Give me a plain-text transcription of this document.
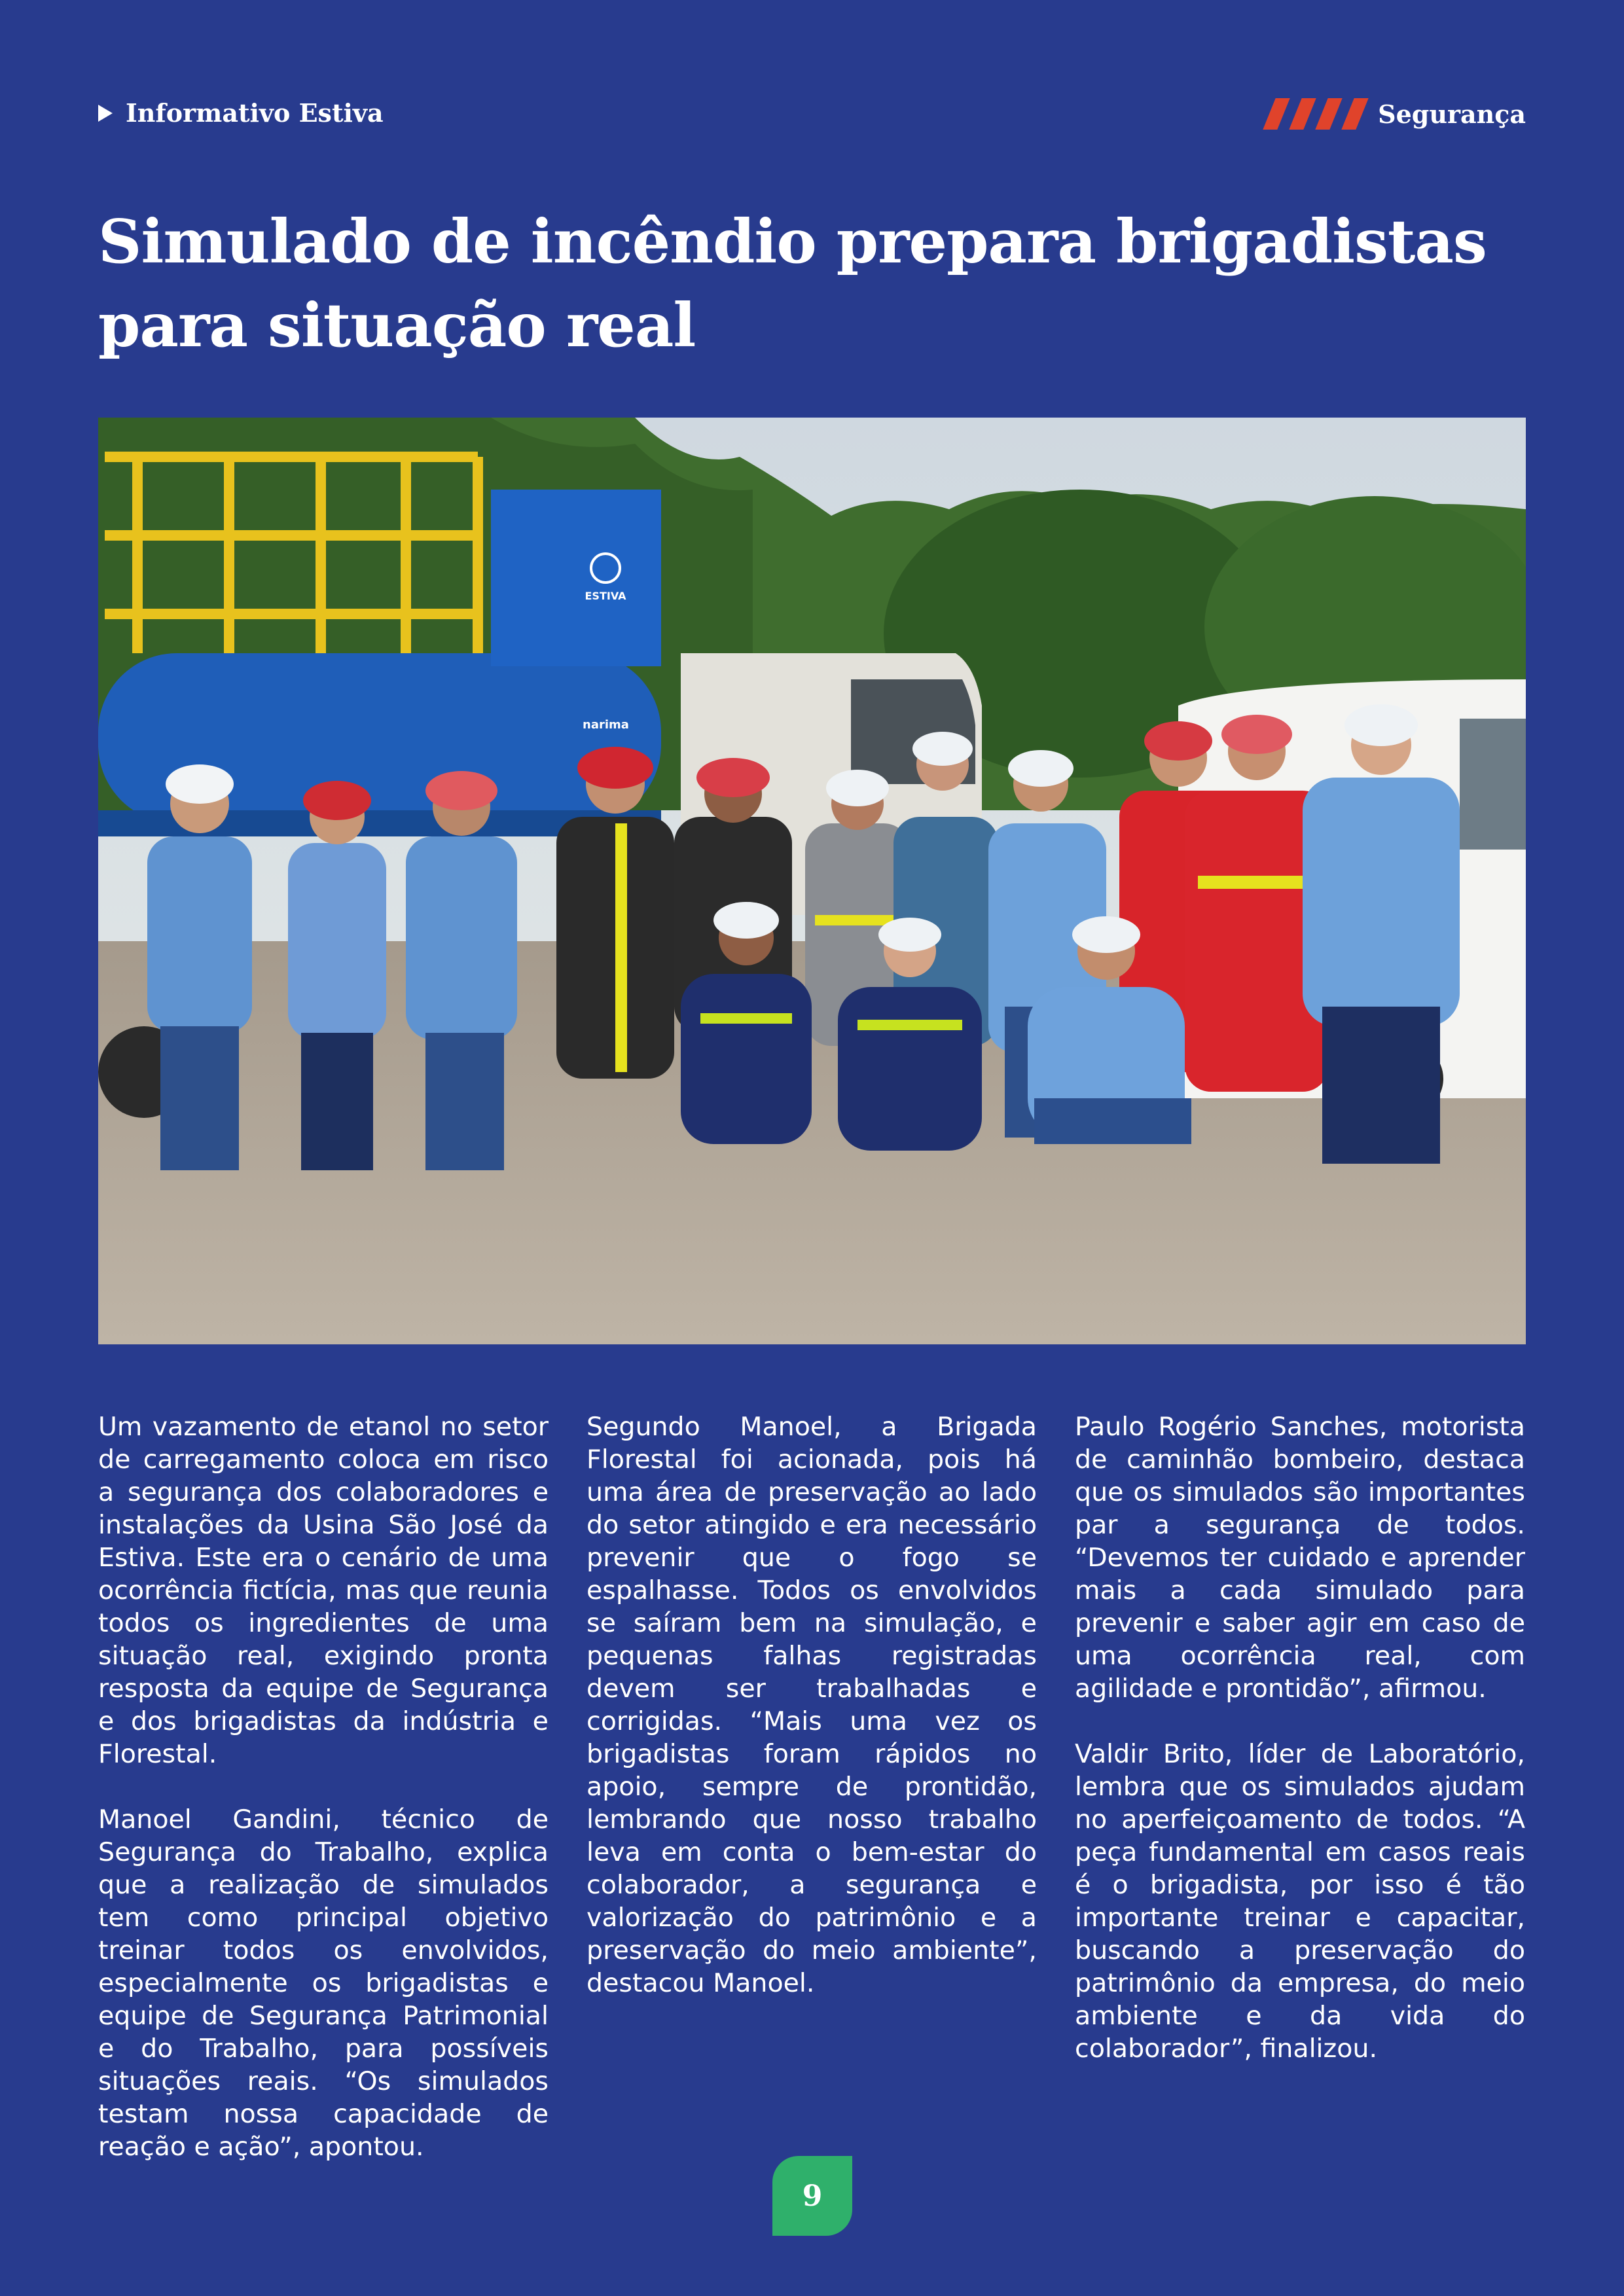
Informativo Estiva	Segurança
Simulado de incêndio prepara brigadistas para situação real
ESTIVA
narima

Um vazamento de etanol no setor de carregamento coloca em risco a segurança dos colaboradores e instalações da Usina São José da Estiva. Este era o cenário de uma ocorrência fictícia, mas que reunia todos os ingredientes de uma situação real, exigindo pronta resposta da equipe de Segurança e dos brigadistas da indústria e Florestal.

Manoel Gandini, técnico de Segurança do Trabalho, explica que a realização de simulados tem como principal objetivo treinar todos os envolvidos, especialmente os brigadistas e equipe de Segurança Patrimonial e do Trabalho, para possíveis situações reais. “Os simulados testam nossa capacidade de reação e ação”, apontou.

Segundo Manoel, a Brigada Florestal foi acionada, pois há uma área de preservação ao lado do setor atingido e era necessário prevenir que o fogo se espalhasse. Todos os envolvidos se saíram bem na simulação, e pequenas falhas registradas devem ser trabalhadas e corrigidas. “Mais uma vez os brigadistas foram rápidos no apoio, sempre de prontidão, lembrando que nosso trabalho leva em conta o bem-estar do colaborador, a segurança e valorização do patrimônio e a preservação do meio ambiente”, destacou Manoel.

Paulo Rogério Sanches, motorista de caminhão bombeiro, destaca que os simulados são importantes par a segurança de todos. “Devemos ter cuidado e aprender mais a cada simulado para prevenir e saber agir em caso de uma ocorrência real, com agilidade e prontidão”, afirmou.

Valdir Brito, líder de Laboratório, lembra que os simulados ajudam no aperfeiçoamento de todos. “A peça fundamental em casos reais é o brigadista, por isso é tão importante treinar e capacitar, buscando a preservação do patrimônio da empresa, do meio ambiente e da vida do colaborador”, finalizou.

9
